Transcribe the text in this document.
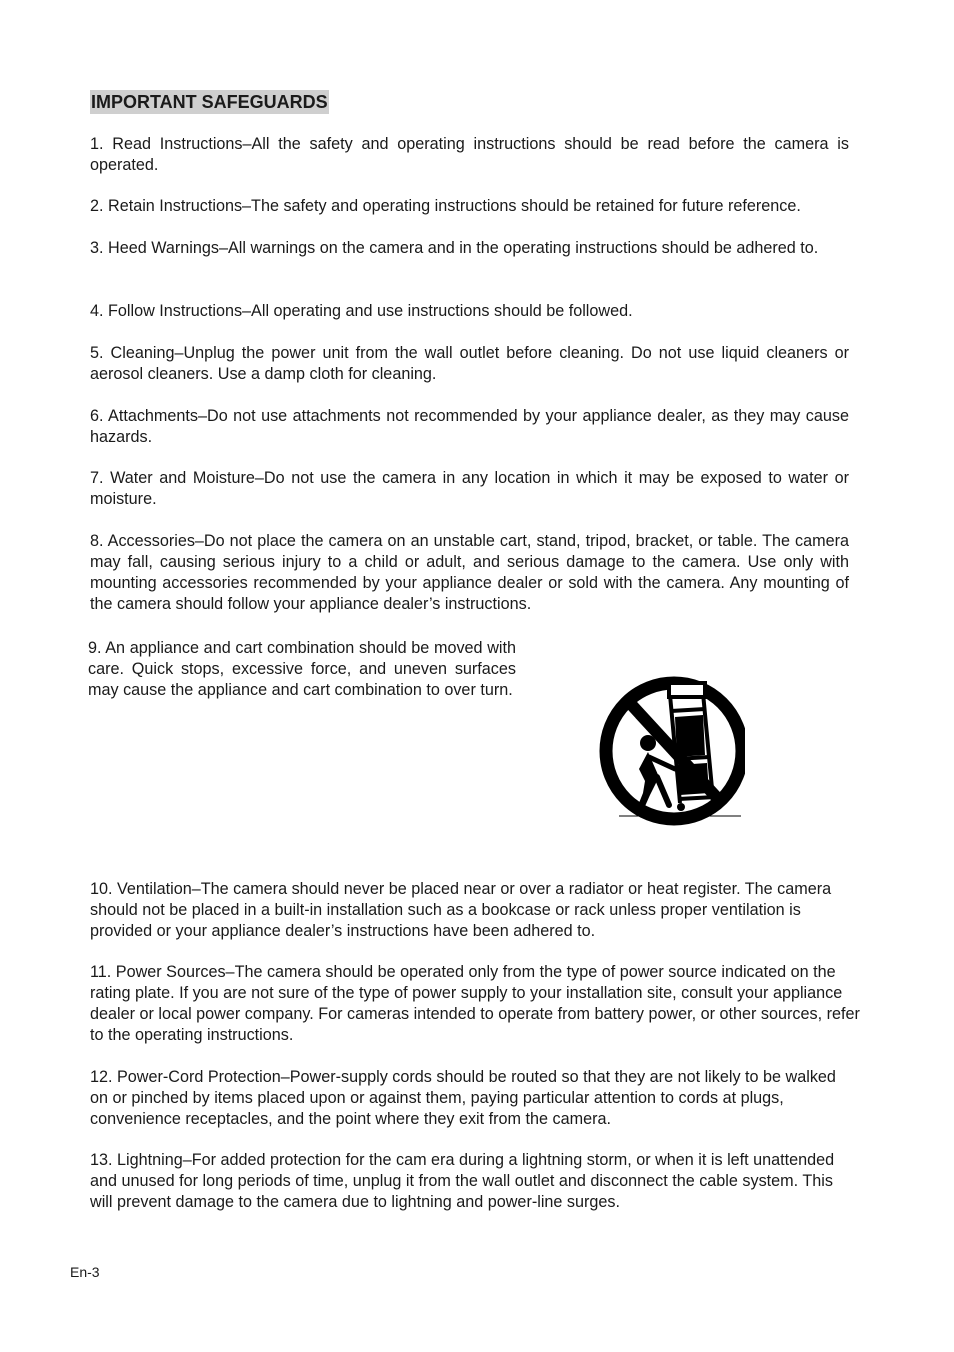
IMPORTANT SAFEGUARDS

1. Read Instructions–All the safety and operating instructions should be read before the camera is operated.

2. Retain Instructions–The safety and operating instructions should be retained for future reference.

3. Heed Warnings–All warnings on the camera and in the operating instructions should be adhered to.

4. Follow Instructions–All operating and use instructions should be followed.

5. Cleaning–Unplug the power unit from the wall outlet before cleaning. Do not use liquid cleaners or aerosol cleaners. Use a damp cloth for cleaning.

6. Attachments–Do not use attachments not recommended by your appliance dealer, as they may cause hazards.

7. Water and Moisture–Do not use the camera in any location in which it may be exposed to water or moisture.

8. Accessories–Do not place the camera on an unstable cart, stand, tripod, bracket, or table. The camera may fall, causing serious injury to a child or adult, and serious damage to the camera. Use only with mounting accessories recommended by your appliance dealer or sold with the camera. Any mounting of the camera should follow your appliance dealer’s instructions.

9. An appliance and cart combination should be moved with care. Quick stops, excessive force, and uneven surfaces may cause the appliance and cart combination to over turn.

10. Ventilation–The camera should never be placed near or over a radiator or heat register. The camera should not be placed in a built-in installation such as a bookcase or rack unless proper ventilation is provided or your appliance dealer’s instructions have been adhered to.

11. Power Sources–The camera should be operated only from the type of power source indicated on the rating plate. If you are not sure of the type of power supply to your installation site, consult your appliance dealer or local power company. For cameras intended to operate from battery power, or other sources, refer to the operating instructions.

12. Power-Cord Protection–Power-supply cords should be routed so that they are not likely to be walked on or pinched by items placed upon or against them, paying particular attention to cords at plugs, convenience receptacles, and the point where they exit from the camera.

13. Lightning–For added protection for the cam era during a lightning storm, or when it is left unattended and unused for long periods of time, unplug it from the wall outlet and disconnect the cable system. This will prevent damage to the camera due to lightning and power-line surges.

En-3
